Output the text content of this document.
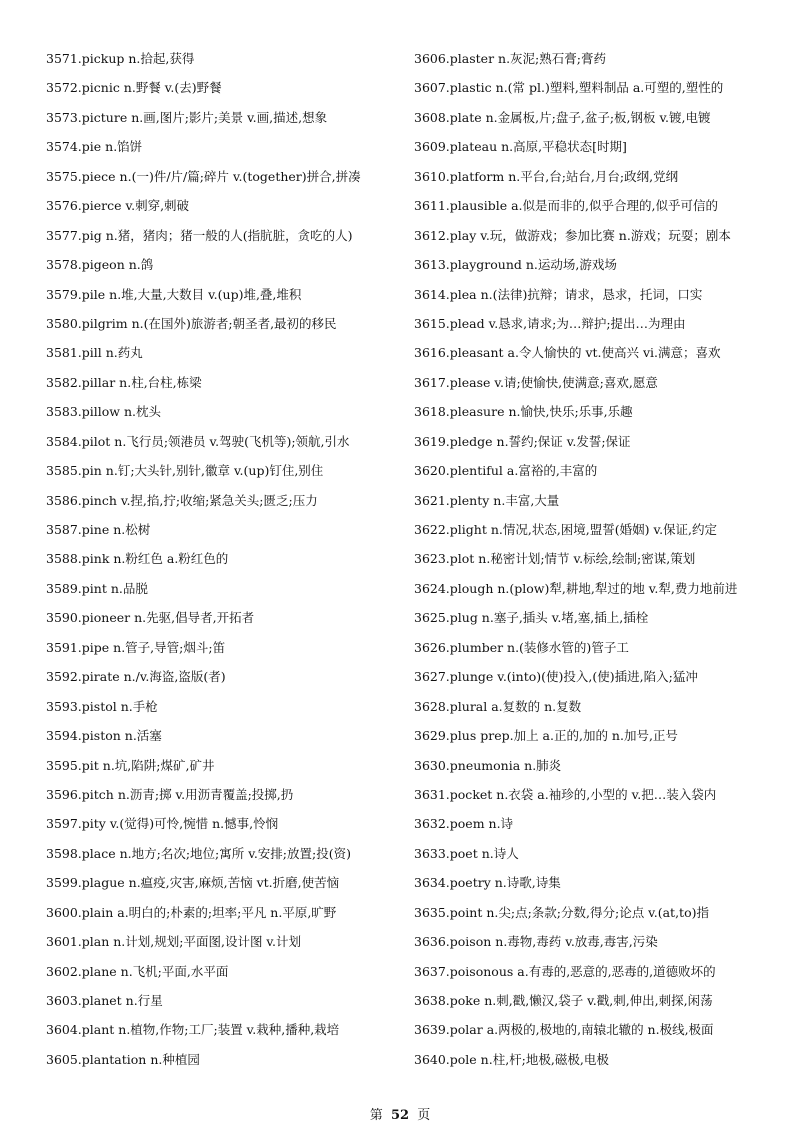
3571.pickup n.拾起,获得
3572.picnic n.野餐 v.(去)野餐
3573.picture n.画,图片;影片;美景 v.画,描述,想象
3574.pie n.馅饼
3575.piece n.(一)件/片/篇;碎片 v.(together)拼合,拼凑
3576.pierce v.刺穿,刺破
3577.pig n.猪，猪肉；猪一般的人(指肮脏，贪吃的人)
3578.pigeon n.鸽
3579.pile n.堆,大量,大数目 v.(up)堆,叠,堆积
3580.pilgrim n.(在国外)旅游者;朝圣者,最初的移民
3581.pill n.药丸
3582.pillar n.柱,台柱,栋梁
3583.pillow n.枕头
3584.pilot n.飞行员;领港员 v.驾驶(飞机等);领航,引水
3585.pin n.钉;大头针,别针,徽章 v.(up)钉住,别住
3586.pinch v.捏,掐,拧;收缩;紧急关头;匮乏;压力
3587.pine n.松树
3588.pink n.粉红色 a.粉红色的
3589.pint n.品脱
3590.pioneer n.先驱,倡导者,开拓者
3591.pipe n.管子,导管;烟斗;笛
3592.pirate n./v.海盗,盗版(者)
3593.pistol n.手枪
3594.piston n.活塞
3595.pit n.坑,陷阱;煤矿,矿井
3596.pitch n.沥青;掷 v.用沥青覆盖;投掷,扔
3597.pity v.(觉得)可怜,惋惜 n.憾事,怜悯
3598.place n.地方;名次;地位;寓所 v.安排;放置;投(资)
3599.plague n.瘟疫,灾害,麻烦,苦恼 vt.折磨,使苦恼
3600.plain a.明白的;朴素的;坦率;平凡 n.平原,旷野
3601.plan n.计划,规划;平面图,设计图 v.计划
3602.plane n.飞机;平面,水平面
3603.planet n.行星
3604.plant n.植物,作物;工厂;装置 v.栽种,播种,栽培
3605.plantation n.种植园
3606.plaster n.灰泥;熟石膏;膏药
3607.plastic n.(常 pl.)塑料,塑料制品 a.可塑的,塑性的
3608.plate n.金属板,片;盘子,盆子;板,钢板 v.镀,电镀
3609.plateau n.高原,平稳状态[时期]
3610.platform n.平台,台;站台,月台;政纲,党纲
3611.plausible a.似是而非的,似乎合理的,似乎可信的
3612.play v.玩，做游戏；参加比赛 n.游戏；玩耍；剧本
3613.playground n.运动场,游戏场
3614.plea n.(法律)抗辩；请求，恳求，托词，口实
3615.plead v.恳求,请求;为…辩护;提出…为理由
3616.pleasant a.令人愉快的 vt.使高兴 vi.满意；喜欢
3617.please v.请;使愉快,使满意;喜欢,愿意
3618.pleasure n.愉快,快乐;乐事,乐趣
3619.pledge n.誓约;保证 v.发誓;保证
3620.plentiful a.富裕的,丰富的
3621.plenty n.丰富,大量
3622.plight n.情况,状态,困境,盟誓(婚姻) v.保证,约定
3623.plot n.秘密计划;情节 v.标绘,绘制;密谋,策划
3624.plough n.(plow)犁,耕地,犁过的地 v.犁,费力地前进
3625.plug n.塞子,插头 v.堵,塞,插上,插栓
3626.plumber n.(装修水管的)管子工
3627.plunge v.(into)(使)投入,(使)插进,陷入;猛冲
3628.plural a.复数的 n.复数
3629.plus prep.加上 a.正的,加的 n.加号,正号
3630.pneumonia n.肺炎
3631.pocket n.衣袋 a.袖珍的,小型的 v.把…装入袋内
3632.poem n.诗
3633.poet n.诗人
3634.poetry n.诗歌,诗集
3635.point n.尖;点;条款;分数,得分;论点 v.(at,to)指
3636.poison n.毒物,毒药 v.放毒,毒害,污染
3637.poisonous a.有毒的,恶意的,恶毒的,道德败坏的
3638.poke n.刺,戳,懒汉,袋子 v.戳,刺,伸出,刺探,闲荡
3639.polar a.两极的,极地的,南辕北辙的 n.极线,极面
3640.pole n.柱,杆;地极,磁极,电极
第 52 页
